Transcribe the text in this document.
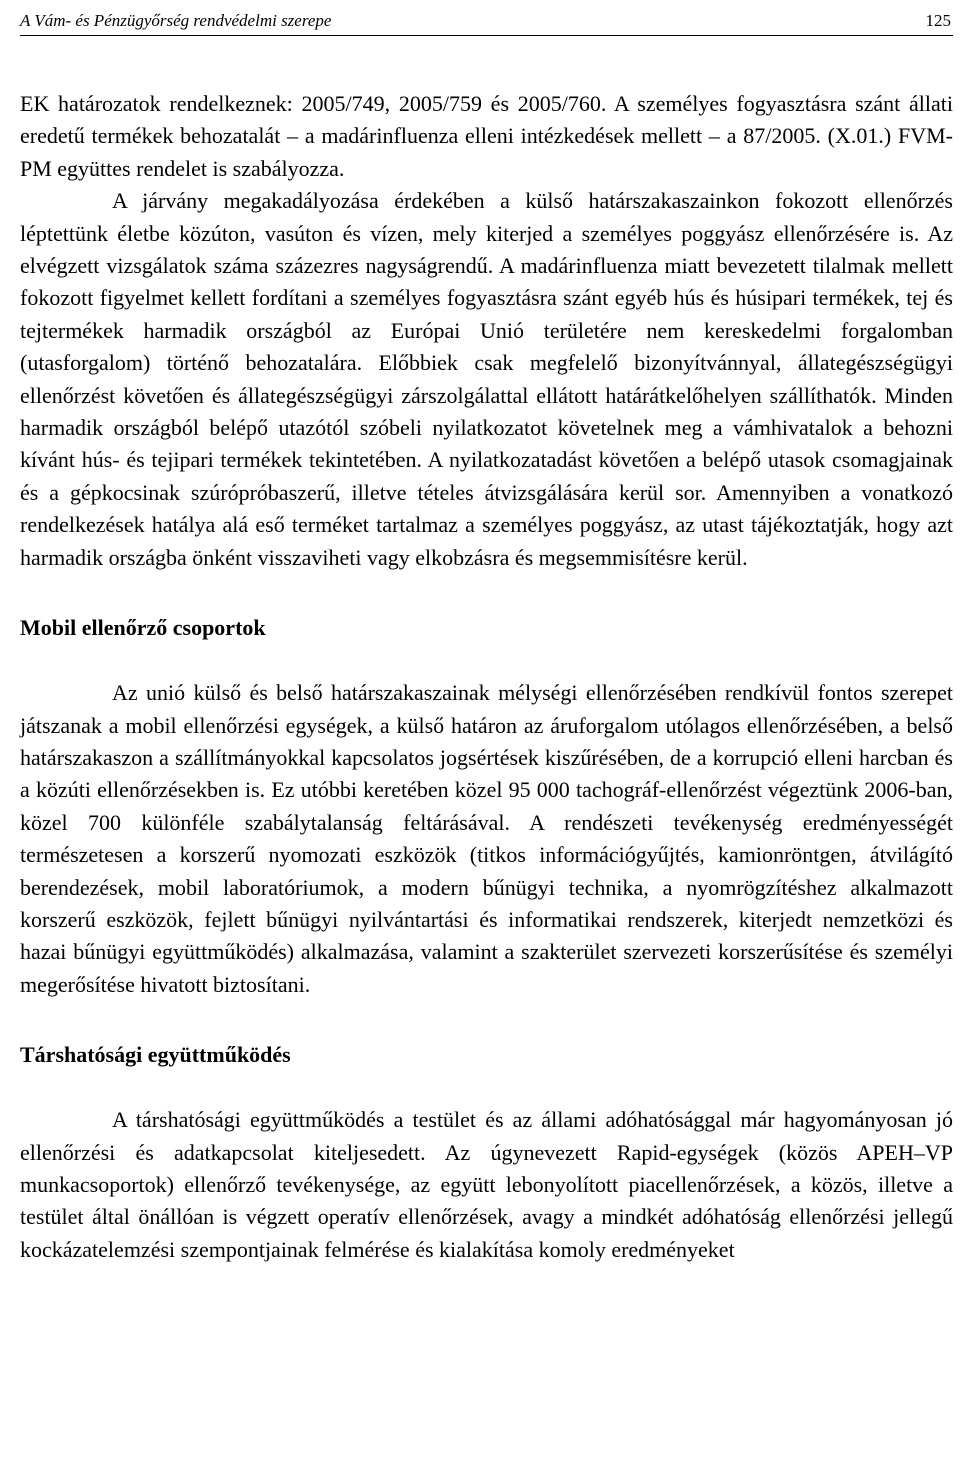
A Vám- és Pénzügyőrség rendvédelmi szerepe	125

EK határozatok rendelkeznek: 2005/749, 2005/759 és 2005/760. A személyes fogyasztásra szánt állati eredetű termékek behozatalát – a madárinfluenza elleni intézkedések mellett – a 87/2005. (X.01.) FVM-PM együttes rendelet is szabályozza.

A járvány megakadályozása érdekében a külső határszakaszainkon fokozott ellenőrzés léptettünk életbe közúton, vasúton és vízen, mely kiterjed a személyes poggyász ellenőrzésére is. Az elvégzett vizsgálatok száma százezres nagyságrendű. A madárinfluenza miatt bevezetett tilalmak mellett fokozott figyelmet kellett fordítani a személyes fogyasztásra szánt egyéb hús és húsipari termékek, tej és tejtermékek harmadik országból az Európai Unió területére nem kereskedelmi forgalomban (utasforgalom) történő behozatalára. Előbbiek csak megfelelő bizonyítvánnyal, állategészségügyi ellenőrzést követően és állategészségügyi zárszolgálattal ellátott határátkelőhelyen szállíthatók. Minden harmadik országból belépő utazótól szóbeli nyilatkozatot követelnek meg a vámhivatalok a behozni kívánt hús- és tejipari termékek tekintetében. A nyilatkozatadást követően a belépő utasok csomagjainak és a gépkocsinak szúrópróbaszerű, illetve tételes átvizsgálására kerül sor. Amennyiben a vonatkozó rendelkezések hatálya alá eső terméket tartalmaz a személyes poggyász, az utast tájékoztatják, hogy azt harmadik országba önként visszaviheti vagy elkobzásra és megsemmisítésre kerül.

Mobil ellenőrző csoportok

Az unió külső és belső határszakaszainak mélységi ellenőrzésében rendkívül fontos szerepet játszanak a mobil ellenőrzési egységek, a külső határon az áruforgalom utólagos ellenőrzésében, a belső határszakaszon a szállítmányokkal kapcsolatos jogsértések kiszűrésében, de a korrupció elleni harcban és a közúti ellenőrzésekben is. Ez utóbbi keretében közel 95 000 tachográf-ellenőrzést végeztünk 2006-ban, közel 700 különféle szabálytalanság feltárásával. A rendészeti tevékenység eredményességét természetesen a korszerű nyomozati eszközök (titkos információgyűjtés, kamionröntgen, átvilágító berendezések, mobil laboratóriumok, a modern bűnügyi technika, a nyomrögzítéshez alkalmazott korszerű eszközök, fejlett bűnügyi nyilvántartási és informatikai rendszerek, kiterjedt nemzetközi és hazai bűnügyi együttműködés) alkalmazása, valamint a szakterület szervezeti korszerűsítése és személyi megerősítése hivatott biztosítani.

Társhatósági együttműködés

A társhatósági együttműködés a testület és az állami adóhatósággal már hagyományosan jó ellenőrzési és adatkapcsolat kiteljesedett. Az úgynevezett Rapid-egységek (közös APEH–VP munkacsoportok) ellenőrző tevékenysége, az együtt lebonyolított piacellenőrzések, a közös, illetve a testület által önállóan is végzett operatív ellenőrzések, avagy a mindkét adóhatóság ellenőrzési jellegű kockázatelemzési szempontjainak felmérése és kialakítása komoly eredményeket
